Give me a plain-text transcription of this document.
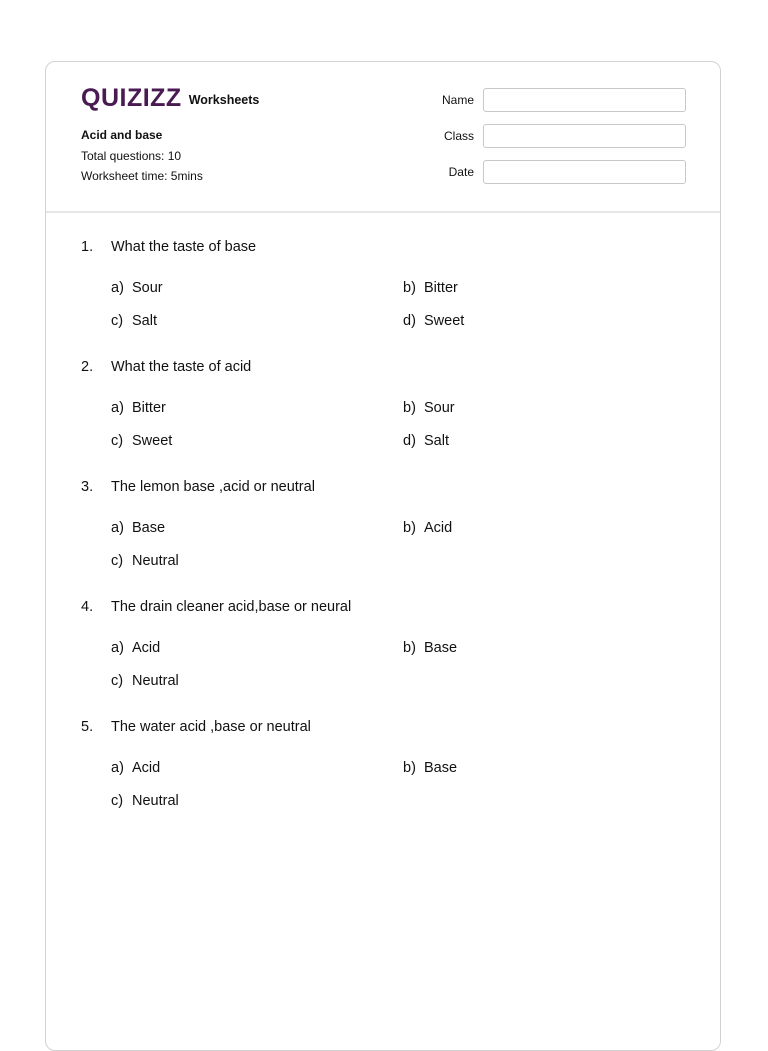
QUIZIZZ Worksheets
Acid and base
Total questions: 10
Worksheet time: 5mins
Name
Class
Date
1.	What the taste of base
a) Sour	b) Bitter
c) Salt	d) Sweet
2.	What the taste of acid
a) Bitter	b) Sour
c) Sweet	d) Salt
3.	The lemon base ,acid or neutral
a) Base	b) Acid
c) Neutral
4.	The drain cleaner acid,base or neural
a) Acid	b) Base
c) Neutral
5.	The water acid ,base or neutral
a) Acid	b) Base
c) Neutral
